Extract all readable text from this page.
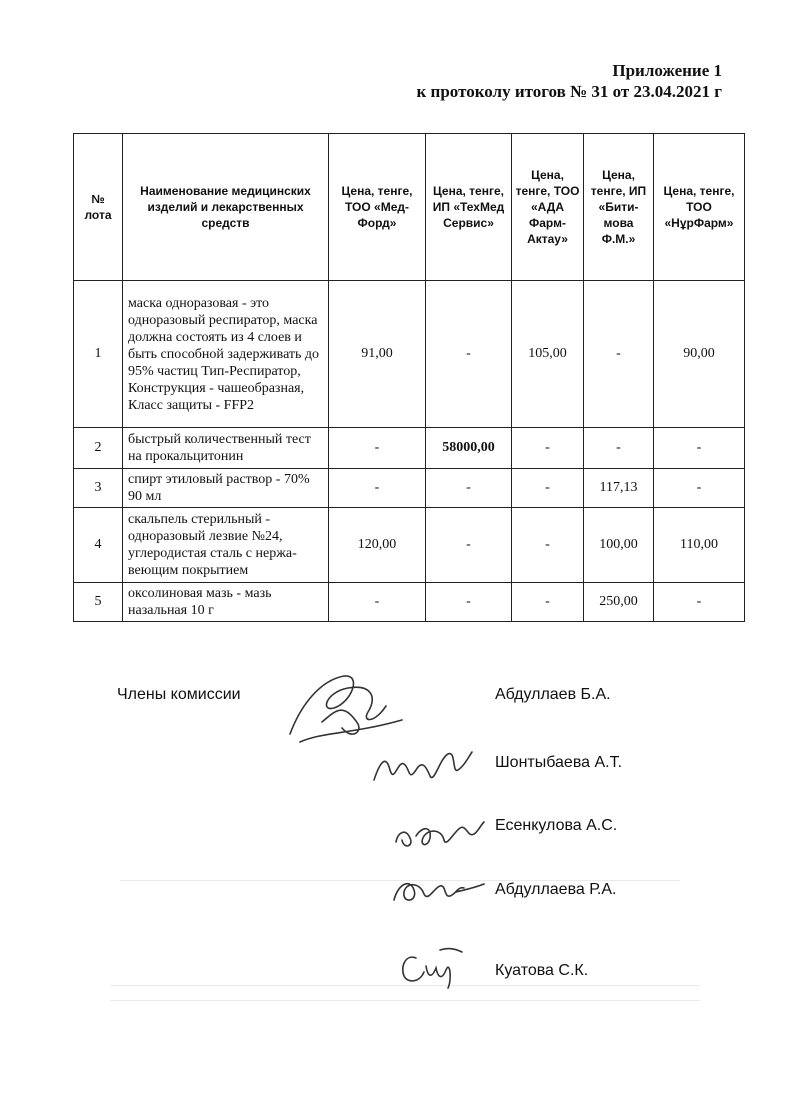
Приложение 1
к протоколу итогов № 31 от 23.04.2021 г
№ лота	Наименование медицинских изделий и лекарственных средств	Цена, тенге, ТОО «Мед-Форд»	Цена, тенге, ИП «ТехМед Сервис»	Цена, тенге, ТОО «АДА Фарм-Актау»	Цена, тенге, ИП «Бити-мова Ф.М.»	Цена, тенге, ТОО «НұрФарм»
1	маска одноразовая - это одноразовый респиратор, маска должна состоять из 4 слоев и быть способной задерживать до 95% частиц Тип-Респиратор, Конструкция - чашеобразная, Класс защиты - FFP2	91,00	-	105,00	-	90,00
2	быстрый количественный тест на прокальцитонин	-	58000,00	-	-	-
3	спирт этиловый раствор - 70% 90 мл	-	-	-	117,13	-
4	скальпель стерильный - одноразовый лезвие №24, углеродистая сталь с нержа-веющим покрытием	120,00	-	-	100,00	110,00
5	оксолиновая мазь - мазь назальная 10 г	-	-	-	250,00	-
Члены комиссии	Абдуллаев Б.А.
Шонтыбаева А.Т.
Есенкулова А.С.
Абдуллаева Р.А.
Куатова С.К.
